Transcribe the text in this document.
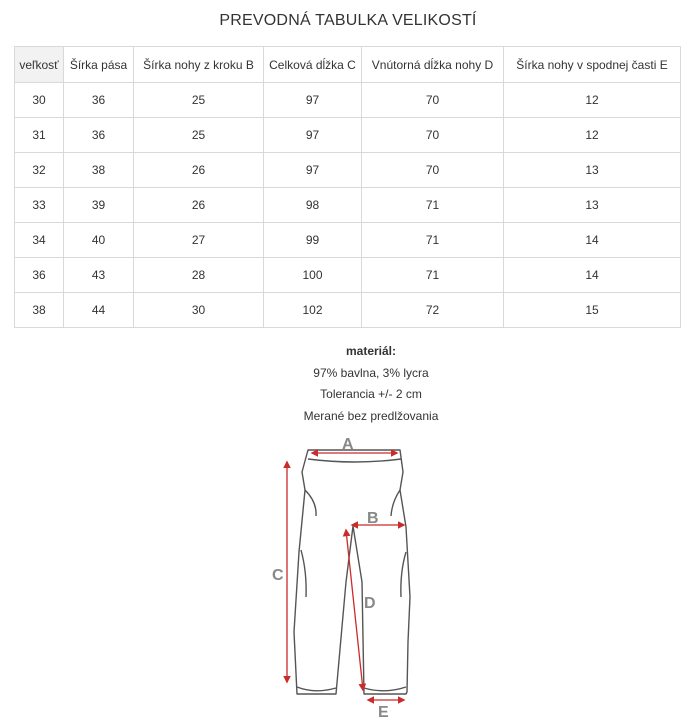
PREVODNÁ TABULKA VELIKOSTÍ
veľkosť	Šírka pása	Šírka nohy z kroku B	Celková dĺžka C	Vnútorná dĺžka nohy D	Šírka nohy v spodnej časti E
30	36	25	97	70	12
31	36	25	97	70	12
32	38	26	97	70	13
33	39	26	98	71	13
34	40	27	99	71	14
36	43	28	100	71	14
38	44	30	102	72	15
materiál:
97% bavlna, 3% lycra
Tolerancia +/- 2 cm
Merané bez predlžovania
A
B
C
D
E
